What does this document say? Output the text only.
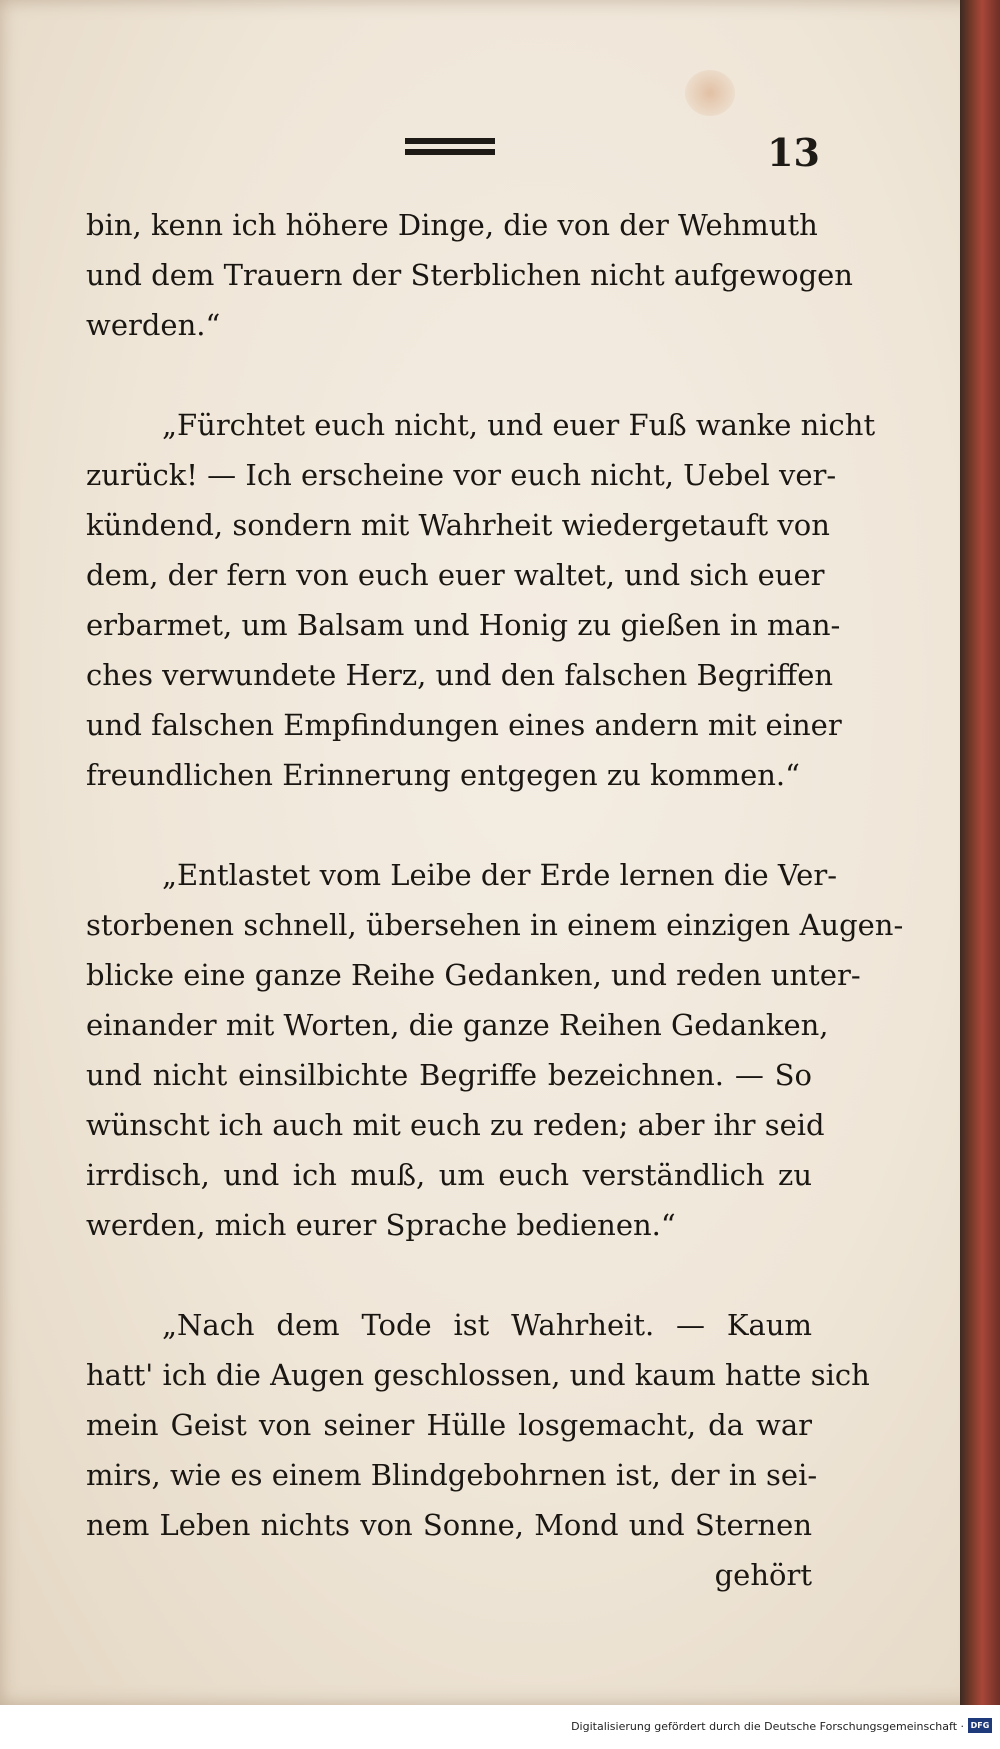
13
bin, kenn ich höhere Dinge, die von der Wehmuth
und dem Trauern der Sterblichen nicht aufgewogen
werden.“
„Fürchtet euch nicht, und euer Fuß wanke nicht
zurück! — Ich erscheine vor euch nicht, Uebel ver-
kündend, sondern mit Wahrheit wiedergetauft von
dem, der fern von euch euer waltet, und sich euer
erbarmet, um Balsam und Honig zu gießen in man-
ches verwundete Herz, und den falschen Begriffen
und falschen Empfindungen eines andern mit einer
freundlichen Erinnerung entgegen zu kommen.“
„Entlastet vom Leibe der Erde lernen die Ver-
storbenen schnell, übersehen in einem einzigen Augen-
blicke eine ganze Reihe Gedanken, und reden unter-
einander mit Worten, die ganze Reihen Gedanken,
und nicht einsilbichte Begriffe bezeichnen. — So
wünscht ich auch mit euch zu reden; aber ihr seid
irrdisch, und ich muß, um euch verständlich zu
werden, mich eurer Sprache bedienen.“
„Nach dem Tode ist Wahrheit. — Kaum
hatt' ich die Augen geschlossen, und kaum hatte sich
mein Geist von seiner Hülle losgemacht, da war
mirs, wie es einem Blindgebohrnen ist, der in sei-
nem Leben nichts von Sonne, Mond und Sternen
gehört
Digitalisierung gefördert durch die Deutsche Forschungsgemeinschaft · DFG
